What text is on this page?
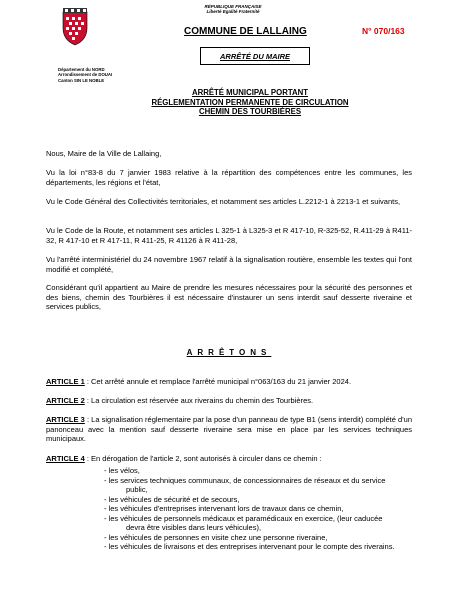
RÉPUBLIQUE FRANÇAISE
Liberté Egalité Fraternité
COMMUNE DE LALLAING	N° 070/163
ARRÊTÉ DU MAIRE
Département du NORD
Arrondissement de DOUAI
Canton SIN LE NOBLE
ARRÊTÉ MUNICIPAL PORTANT
RÉGLEMENTATION PERMANENTE DE CIRCULATION
CHEMIN DES TOURBIÈRES
Nous, Maire de la Ville de Lallaing,
Vu la loi n°83-8 du 7 janvier 1983 relative à la répartition des compétences entre les communes, les départements, les régions et l'état,
Vu le Code Général des Collectivités territoriales, et notamment ses articles L.2212-1 à 2213-1 et suivants,
Vu le Code de la Route, et notamment ses articles L 325-1 à L325-3 et R 417-10, R-325-52, R.411-29 à R411-32, R 417-10 et R 417-11, R 411-25, R 41126 à R 411-28,
Vu l'arrêté interministériel du 24 novembre 1967 relatif à la signalisation routière, ensemble les textes qui l'ont modifié et complété,
Considérant qu'il appartient au Maire de prendre les mesures nécessaires pour la sécurité des personnes et des biens, chemin des Tourbières il est nécessaire d'instaurer un sens interdit sauf desserte riveraine et services publics,
ARRÊTONS
ARTICLE 1 : Cet arrêté annule et remplace l'arrêté municipal n°063/163 du 21 janvier 2024.
ARTICLE 2 : La circulation est réservée aux riverains du chemin des Tourbières.
ARTICLE 3 : La signalisation réglementaire par la pose d'un panneau de type B1 (sens interdit) complété d'un panonceau avec la mention sauf desserte riveraine sera mise en place par les services techniques municipaux.
ARTICLE 4 : En dérogation de l'article 2, sont autorisés à circuler dans ce chemin :
- les vélos,
- les services techniques communaux, de concessionnaires de réseaux et du service
public,
- les véhicules de sécurité et de secours,
- les véhicules d'entreprises intervenant lors de travaux dans ce chemin,
- les véhicules de personnels médicaux et paramédicaux en exercice, (leur caducée
devra être visibles dans leurs véhicules),
- les véhicules de personnes en visite chez une personne riveraine,
- les véhicules de livraisons et des entreprises intervenant pour le compte des riverains.
